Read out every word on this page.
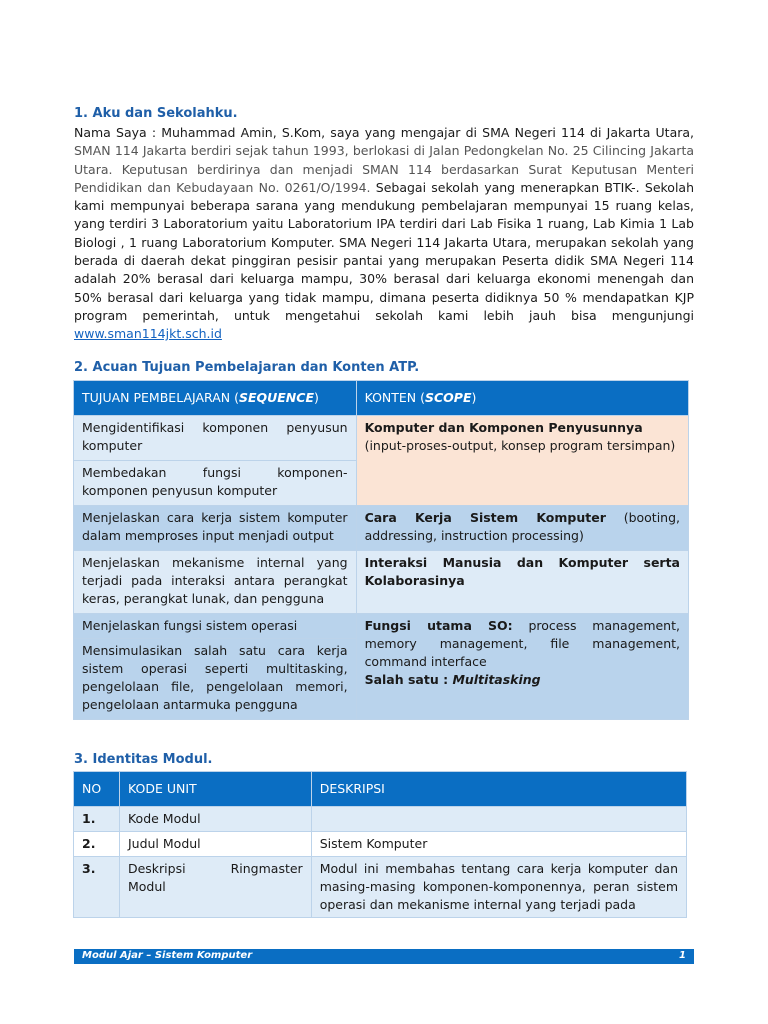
1. Aku dan Sekolahku.
Nama Saya : Muhammad Amin, S.Kom, saya yang mengajar di SMA Negeri 114 di Jakarta Utara, SMAN 114 Jakarta berdiri sejak tahun 1993, berlokasi di Jalan Pedongkelan No. 25 Cilincing Jakarta Utara. Keputusan berdirinya dan menjadi SMAN 114 berdasarkan Surat Keputusan Menteri Pendidikan dan Kebudayaan No. 0261/O/1994. Sebagai sekolah yang menerapkan BTIK-. Sekolah kami mempunyai beberapa sarana yang mendukung pembelajaran mempunyai 15 ruang kelas, yang terdiri 3 Laboratorium yaitu Laboratorium IPA terdiri dari Lab Fisika 1 ruang, Lab Kimia 1 Lab Biologi , 1 ruang Laboratorium Komputer. SMA Negeri 114 Jakarta Utara, merupakan sekolah yang berada di daerah dekat pinggiran pesisir pantai yang merupakan Peserta didik SMA Negeri 114 adalah 20% berasal dari keluarga mampu, 30% berasal dari keluarga ekonomi menengah dan 50% berasal dari keluarga yang tidak mampu, dimana peserta didiknya 50 % mendapatkan KJP program pemerintah, untuk mengetahui sekolah kami lebih jauh bisa mengunjungi www.sman114jkt.sch.id
2. Acuan Tujuan Pembelajaran dan Konten ATP.
TUJUAN PEMBELAJARAN (SEQUENCE)	KONTEN (SCOPE)
Mengidentifikasi komponen penyusun komputer	Komputer dan Komponen Penyusunnya
(input-proses-output, konsep program tersimpan)
Membedakan fungsi komponen-komponen penyusun komputer	
Menjelaskan cara kerja sistem komputer dalam memproses input menjadi output	Cara Kerja Sistem Komputer (booting, addressing, instruction processing)
Menjelaskan mekanisme internal yang terjadi pada interaksi antara perangkat keras, perangkat lunak, dan pengguna	Interaksi Manusia dan Komputer serta Kolaborasinya
Menjelaskan fungsi sistem operasi	Fungsi utama SO: process management, memory management, file management, command interface
Salah satu : Multitasking
Mensimulasikan salah satu cara kerja sistem operasi seperti multitasking, pengelolaan file, pengelolaan memori, pengelolaan antarmuka pengguna	
3. Identitas Modul.
NO	KODE UNIT	DESKRIPSI
1.	Kode Modul	
2.	Judul Modul	Sistem Komputer
3.	Deskripsi Ringmaster Modul	Modul ini membahas tentang cara kerja komputer dan masing-masing komponen-komponennya, peran sistem operasi dan mekanisme internal yang terjadi pada
Modul Ajar – Sistem Komputer	1
